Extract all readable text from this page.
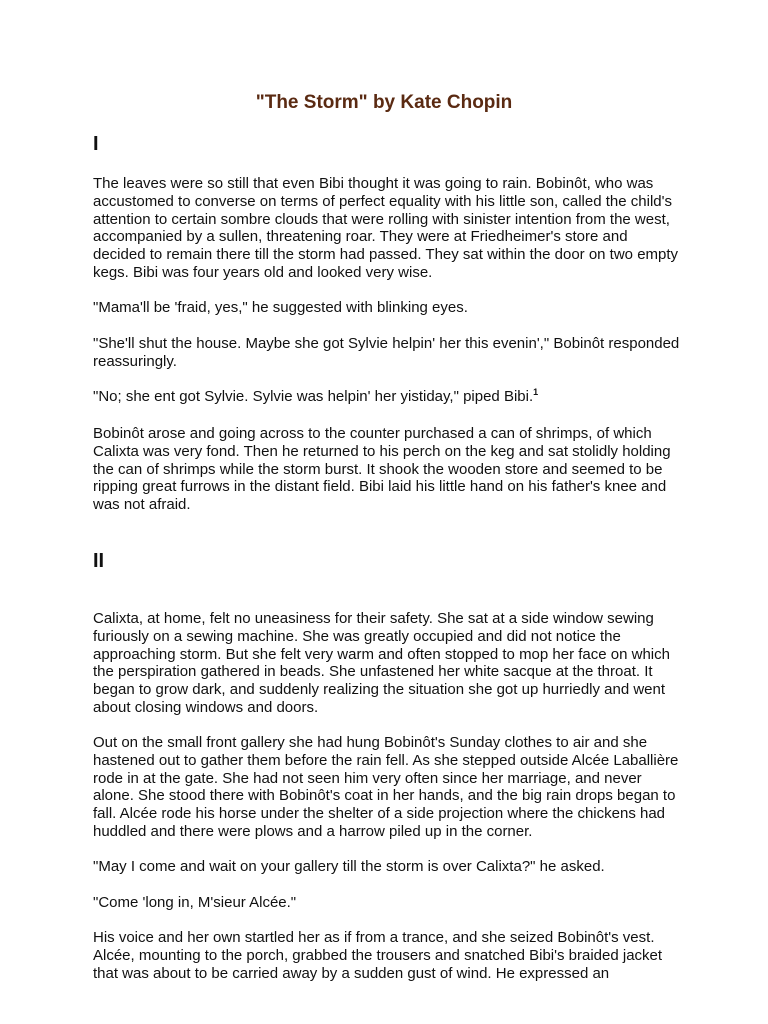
"The Storm" by Kate Chopin
I

The leaves were so still that even Bibi thought it was going to rain. Bobinôt, who was accustomed to converse on terms of perfect equality with his little son, called the child's attention to certain sombre clouds that were rolling with sinister intention from the west, accompanied by a sullen, threatening roar. They were at Friedheimer's store and decided to remain there till the storm had passed. They sat within the door on two empty kegs. Bibi was four years old and looked very wise.

"Mama'll be 'fraid, yes," he suggested with blinking eyes.

"She'll shut the house. Maybe she got Sylvie helpin' her this evenin'," Bobinôt responded reassuringly.

"No; she ent got Sylvie. Sylvie was helpin' her yistiday," piped Bibi.$^1$

Bobinôt arose and going across to the counter purchased a can of shrimps, of which Calixta was very fond. Then he returned to his perch on the keg and sat stolidly holding the can of shrimps while the storm burst. It shook the wooden store and seemed to be ripping great furrows in the distant field. Bibi laid his little hand on his father's knee and was not afraid.

II

Calixta, at home, felt no uneasiness for their safety. She sat at a side window sewing furiously on a sewing machine. She was greatly occupied and did not notice the approaching storm. But she felt very warm and often stopped to mop her face on which the perspiration gathered in beads. She unfastened her white sacque at the throat. It began to grow dark, and suddenly realizing the situation she got up hurriedly and went about closing windows and doors.

Out on the small front gallery she had hung Bobinôt's Sunday clothes to air and she hastened out to gather them before the rain fell. As she stepped outside Alcée Laballière rode in at the gate. She had not seen him very often since her marriage, and never alone. She stood there with Bobinôt's coat in her hands, and the big rain drops began to fall. Alcée rode his horse under the shelter of a side projection where the chickens had huddled and there were plows and a harrow piled up in the corner.

"May I come and wait on your gallery till the storm is over Calixta?" he asked.

"Come 'long in, M'sieur Alcée."

His voice and her own startled her as if from a trance, and she seized Bobinôt's vest. Alcée, mounting to the porch, grabbed the trousers and snatched Bibi's braided jacket that was about to be carried away by a sudden gust of wind. He expressed an
